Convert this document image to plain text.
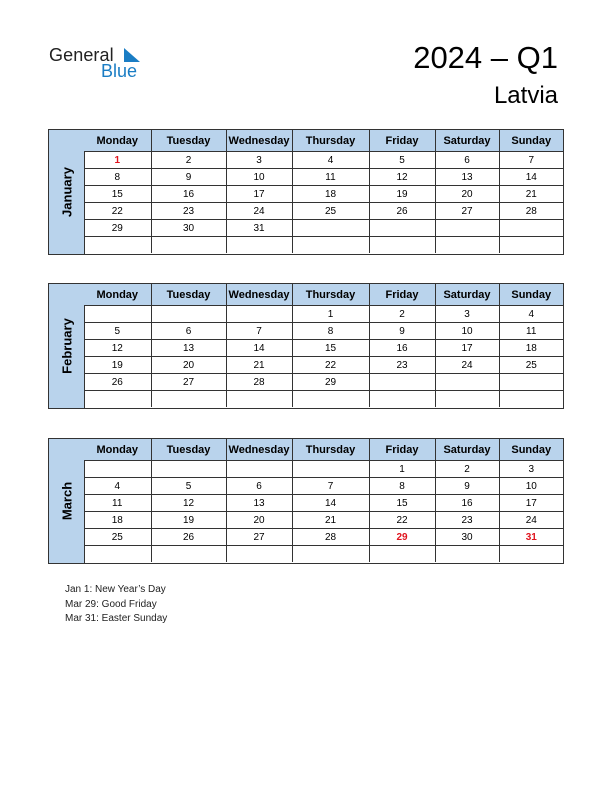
General
Blue	2024 – Q1
Latvia
January
Monday	Tuesday	Wednesday	Thursday	Friday	Saturday	Sunday
1	2	3	4	5	6	7
8	9	10	11	12	13	14
15	16	17	18	19	20	21
22	23	24	25	26	27	28
29	30	31				

February
Monday	Tuesday	Wednesday	Thursday	Friday	Saturday	Sunday
			1	2	3	4
5	6	7	8	9	10	11
12	13	14	15	16	17	18
19	20	21	22	23	24	25
26	27	28	29			

March
Monday	Tuesday	Wednesday	Thursday	Friday	Saturday	Sunday
				1	2	3
4	5	6	7	8	9	10
11	12	13	14	15	16	17
18	19	20	21	22	23	24
25	26	27	28	29	30	31

Jan 1: New Year’s Day
Mar 29: Good Friday
Mar 31: Easter Sunday
